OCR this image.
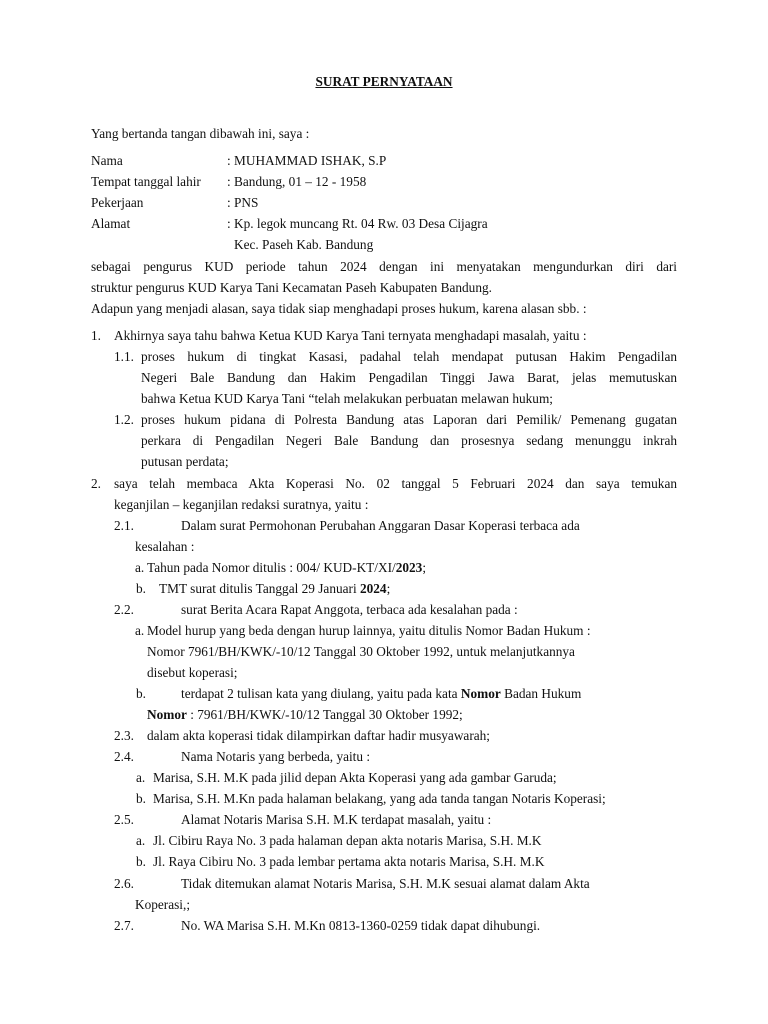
SURAT PERNYATAAN
Yang bertanda tangan dibawah ini, saya :
Nama	: MUHAMMAD ISHAK, S.P
Tempat tanggal lahir : Bandung, 01 – 12 - 1958
Pekerjaan	: PNS
Alamat	: Kp. legok muncang Rt. 04 Rw. 03 Desa Cijagra
Kec. Paseh Kab. Bandung
sebagai pengurus KUD periode tahun 2024 dengan ini menyatakan mengundurkan diri dari
struktur pengurus KUD Karya Tani Kecamatan Paseh Kabupaten Bandung.
Adapun yang menjadi alasan, saya tidak siap menghadapi proses hukum, karena alasan sbb. :
1. Akhirnya saya tahu bahwa Ketua KUD Karya Tani ternyata menghadapi masalah, yaitu :
1.1. proses hukum di tingkat Kasasi, padahal telah mendapat putusan Hakim Pengadilan
Negeri Bale Bandung dan Hakim Pengadilan Tinggi Jawa Barat, jelas memutuskan
bahwa Ketua KUD Karya Tani “telah melakukan perbuatan melawan hukum;
1.2. proses hukum pidana di Polresta Bandung atas Laporan dari Pemilik/ Pemenang gugatan
perkara di Pengadilan Negeri Bale Bandung dan prosesnya sedang menunggu inkrah
putusan perdata;
2. saya telah membaca Akta Koperasi No. 02 tanggal 5 Februari 2024 dan saya temukan
keganjilan – keganjilan redaksi suratnya, yaitu :
2.1.	Dalam surat Permohonan Perubahan Anggaran Dasar Koperasi terbaca ada
kesalahan :
a. Tahun pada Nomor ditulis : 004/ KUD-KT/XI/2023;
b. TMT surat ditulis Tanggal 29 Januari 2024;
2.2.	surat Berita Acara Rapat Anggota, terbaca ada kesalahan pada :
a. Model hurup yang beda dengan hurup lainnya, yaitu ditulis Nomor Badan Hukum :
Nomor 7961/BH/KWK/-10/12 Tanggal 30 Oktober 1992, untuk melanjutkannya
disebut koperasi;
b.	terdapat 2 tulisan kata yang diulang, yaitu pada kata Nomor Badan Hukum
Nomor : 7961/BH/KWK/-10/12 Tanggal 30 Oktober 1992;
2.3. dalam akta koperasi tidak dilampirkan daftar hadir musyawarah;
2.4.	Nama Notaris yang berbeda, yaitu :
a. Marisa, S.H. M.K pada jilid depan Akta Koperasi yang ada gambar Garuda;
b. Marisa, S.H. M.Kn pada halaman belakang, yang ada tanda tangan Notaris Koperasi;
2.5.	Alamat Notaris Marisa S.H. M.K terdapat masalah, yaitu :
a. Jl. Cibiru Raya No. 3 pada halaman depan akta notaris Marisa, S.H. M.K
b. Jl. Raya Cibiru No. 3 pada lembar pertama akta notaris Marisa, S.H. M.K
2.6.	Tidak ditemukan alamat Notaris Marisa, S.H. M.K sesuai alamat dalam Akta
Koperasi,;
2.7.	No. WA Marisa S.H. M.Kn 0813-1360-0259 tidak dapat dihubungi.
